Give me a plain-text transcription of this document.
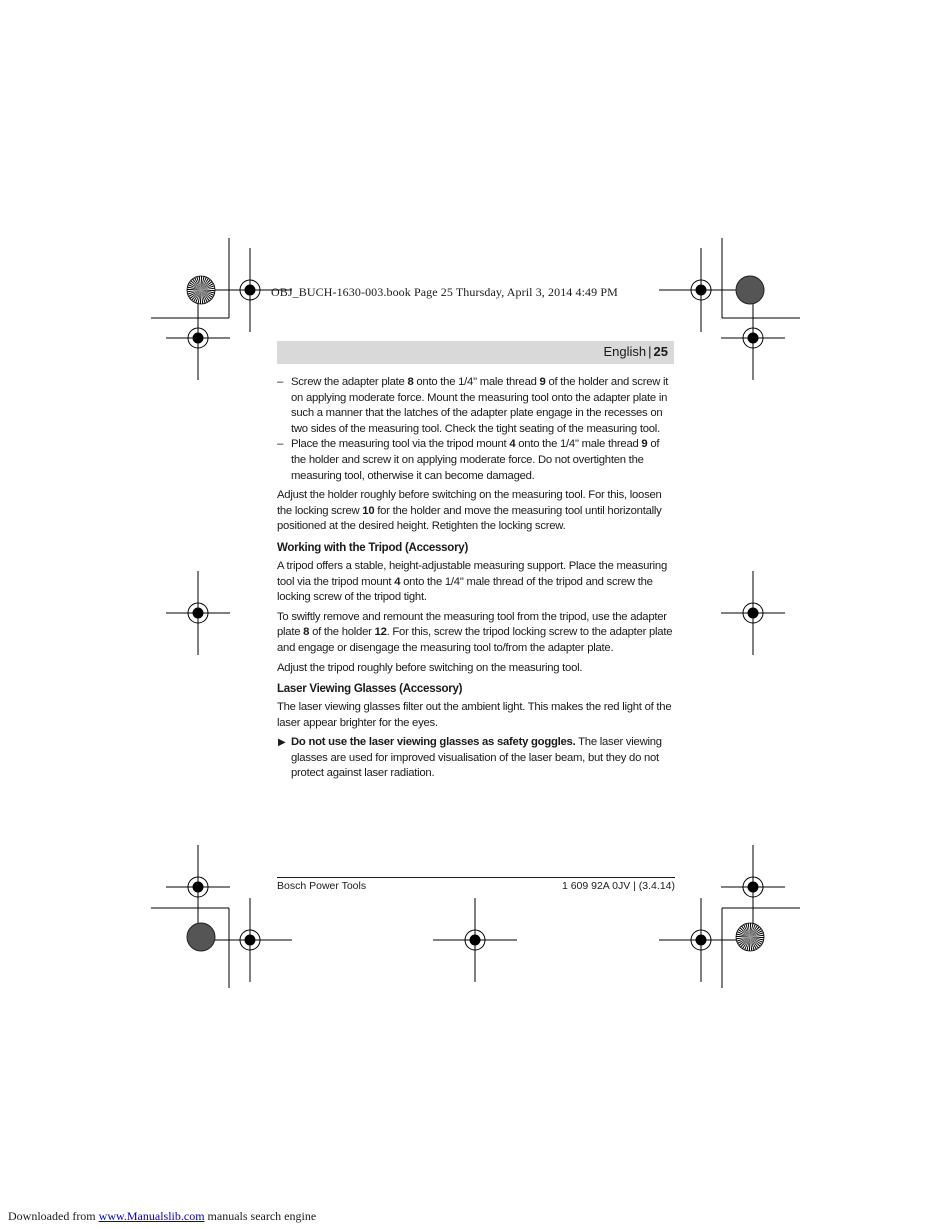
OBJ_BUCH-1630-003.book Page 25 Thursday, April 3, 2014 4:49 PM
English | 25
– Screw the adapter plate 8 onto the 1/4" male thread 9 of the holder and screw it on applying moderate force. Mount the measuring tool onto the adapter plate in such a manner that the latches of the adapter plate engage in the recesses on two sides of the measuring tool. Check the tight seating of the measuring tool.

– Place the measuring tool via the tripod mount 4 onto the 1/4" male thread 9 of the holder and screw it on applying moderate force. Do not overtighten the measuring tool, otherwise it can become damaged.

Adjust the holder roughly before switching on the measuring tool. For this, loosen the locking screw 10 for the holder and move the measuring tool until horizontally positioned at the desired height. Retighten the locking screw.

Working with the Tripod (Accessory)

A tripod offers a stable, height-adjustable measuring support. Place the measuring tool via the tripod mount 4 onto the 1/4" male thread of the tripod and screw the locking screw of the tripod tight.

To swiftly remove and remount the measuring tool from the tripod, use the adapter plate 8 of the holder 12. For this, screw the tripod locking screw to the adapter plate and engage or disengage the measuring tool to/from the adapter plate.

Adjust the tripod roughly before switching on the measuring tool.

Laser Viewing Glasses (Accessory)

The laser viewing glasses filter out the ambient light. This makes the red light of the laser appear brighter for the eyes.

▶ Do not use the laser viewing glasses as safety goggles. The laser viewing glasses are used for improved visualisation of the laser beam, but they do not protect against laser radiation.

Bosch Power Tools	1 609 92A 0JV | (3.4.14)
Downloaded from www.Manualslib.com manuals search engine
